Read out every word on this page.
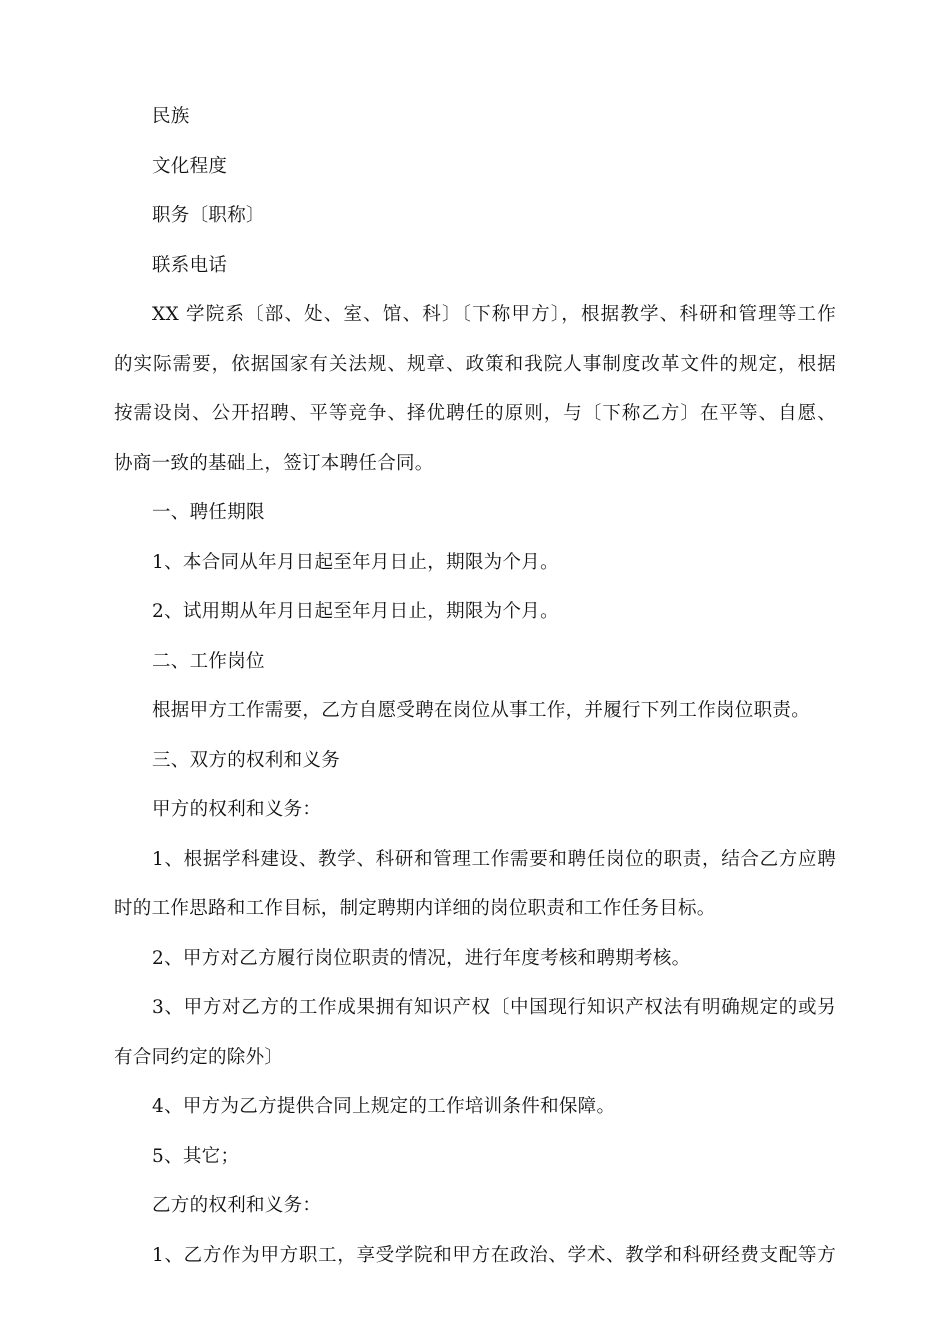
民族

文化程度

职务〔职称〕

联系电话

XX 学院系〔部、处、室、馆、科〕〔下称甲方〕，根据教学、科研和管理等工作

的实际需要，依据国家有关法规、规章、政策和我院人事制度改革文件的规定，根据

按需设岗、公开招聘、平等竞争、择优聘任的原则，与〔下称乙方〕在平等、自愿、

协商一致的基础上，签订本聘任合同。

一、聘任期限

1、本合同从年月日起至年月日止，期限为个月。

2、试用期从年月日起至年月日止，期限为个月。

二、工作岗位

根据甲方工作需要，乙方自愿受聘在岗位从事工作，并履行下列工作岗位职责。

三、双方的权利和义务

甲方的权利和义务：

1、根据学科建设、教学、科研和管理工作需要和聘任岗位的职责，结合乙方应聘

时的工作思路和工作目标，制定聘期内详细的岗位职责和工作任务目标。

2、甲方对乙方履行岗位职责的情况，进行年度考核和聘期考核。

3、甲方对乙方的工作成果拥有知识产权〔中国现行知识产权法有明确规定的或另

有合同约定的除外〕

4、甲方为乙方提供合同上规定的工作培训条件和保障。

5、其它；

乙方的权利和义务：

1、乙方作为甲方职工，享受学院和甲方在政治、学术、教学和科研经费支配等方
